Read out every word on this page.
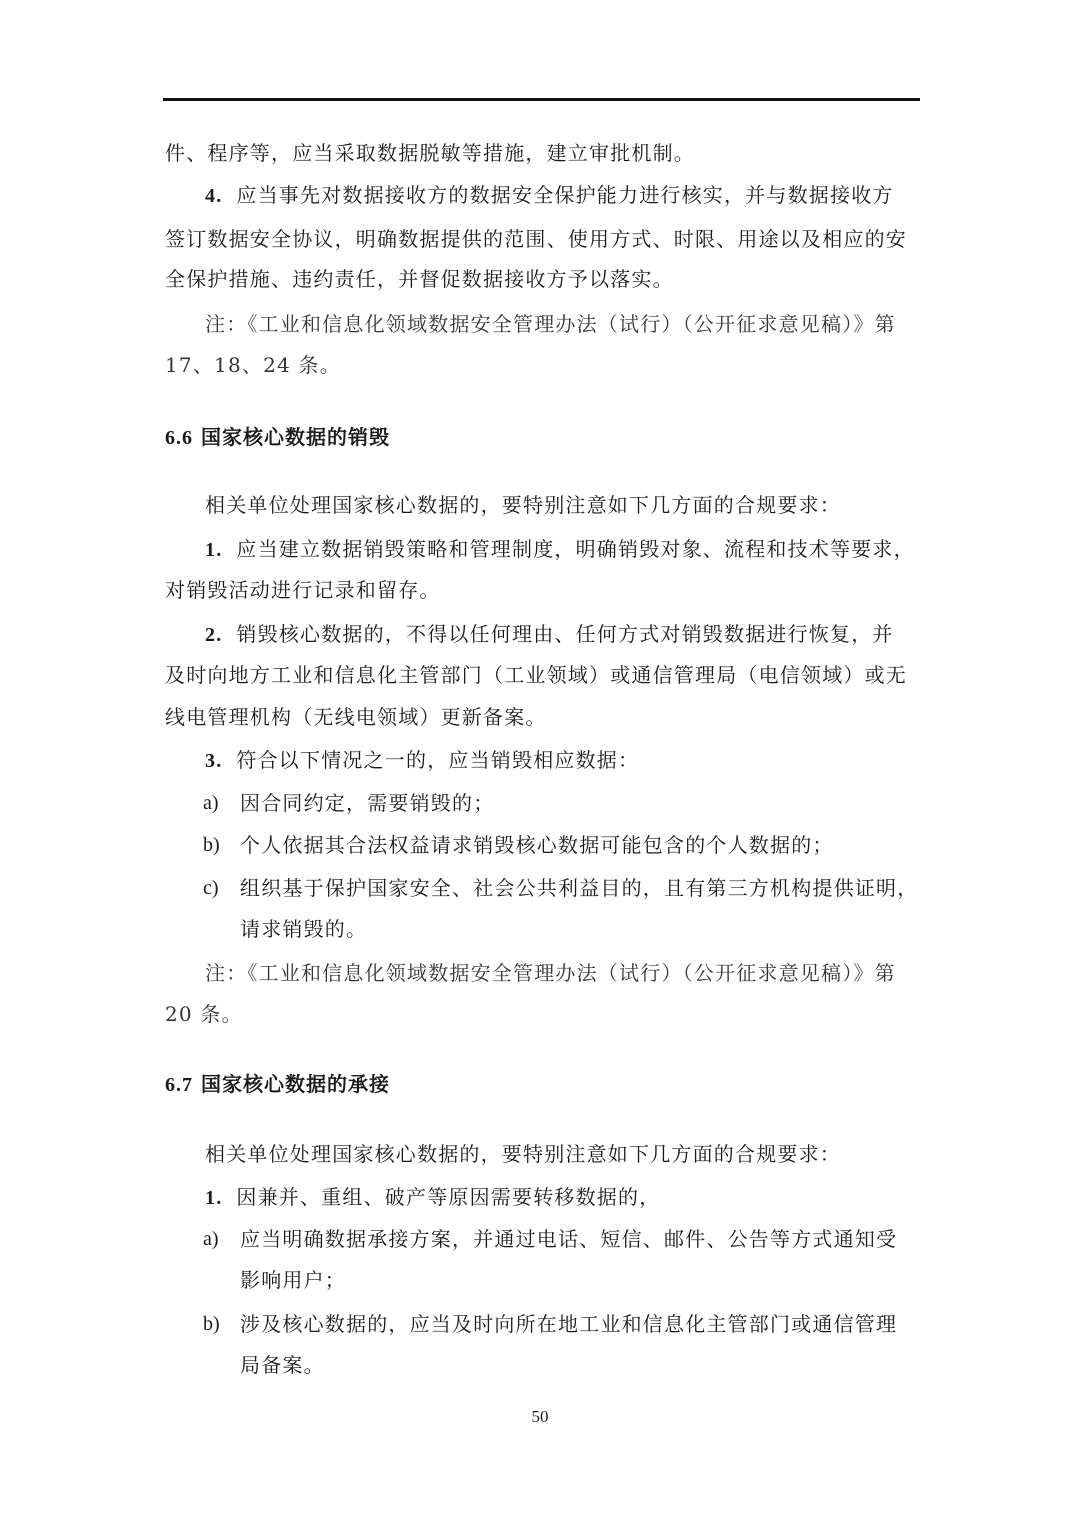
件、程序等，应当采取数据脱敏等措施，建立审批机制。
4. 应当事先对数据接收方的数据安全保护能力进行核实，并与数据接收方
签订数据安全协议，明确数据提供的范围、使用方式、时限、用途以及相应的安
全保护措施、违约责任，并督促数据接收方予以落实。
注：《工业和信息化领域数据安全管理办法（试行）（公开征求意见稿）》第
17、18、24 条。
6.6 国家核心数据的销毁
相关单位处理国家核心数据的，要特别注意如下几方面的合规要求：
1. 应当建立数据销毁策略和管理制度，明确销毁对象、流程和技术等要求，
对销毁活动进行记录和留存。
2. 销毁核心数据的，不得以任何理由、任何方式对销毁数据进行恢复，并
及时向地方工业和信息化主管部门（工业领域）或通信管理局（电信领域）或无
线电管理机构（无线电领域）更新备案。
3. 符合以下情况之一的，应当销毁相应数据：
a) 因合同约定，需要销毁的；
b) 个人依据其合法权益请求销毁核心数据可能包含的个人数据的；
c) 组织基于保护国家安全、社会公共利益目的，且有第三方机构提供证明，
请求销毁的。
注：《工业和信息化领域数据安全管理办法（试行）（公开征求意见稿）》第
20 条。
6.7 国家核心数据的承接
相关单位处理国家核心数据的，要特别注意如下几方面的合规要求：
1. 因兼并、重组、破产等原因需要转移数据的，
a) 应当明确数据承接方案，并通过电话、短信、邮件、公告等方式通知受
影响用户；
b) 涉及核心数据的，应当及时向所在地工业和信息化主管部门或通信管理
局备案。
50
